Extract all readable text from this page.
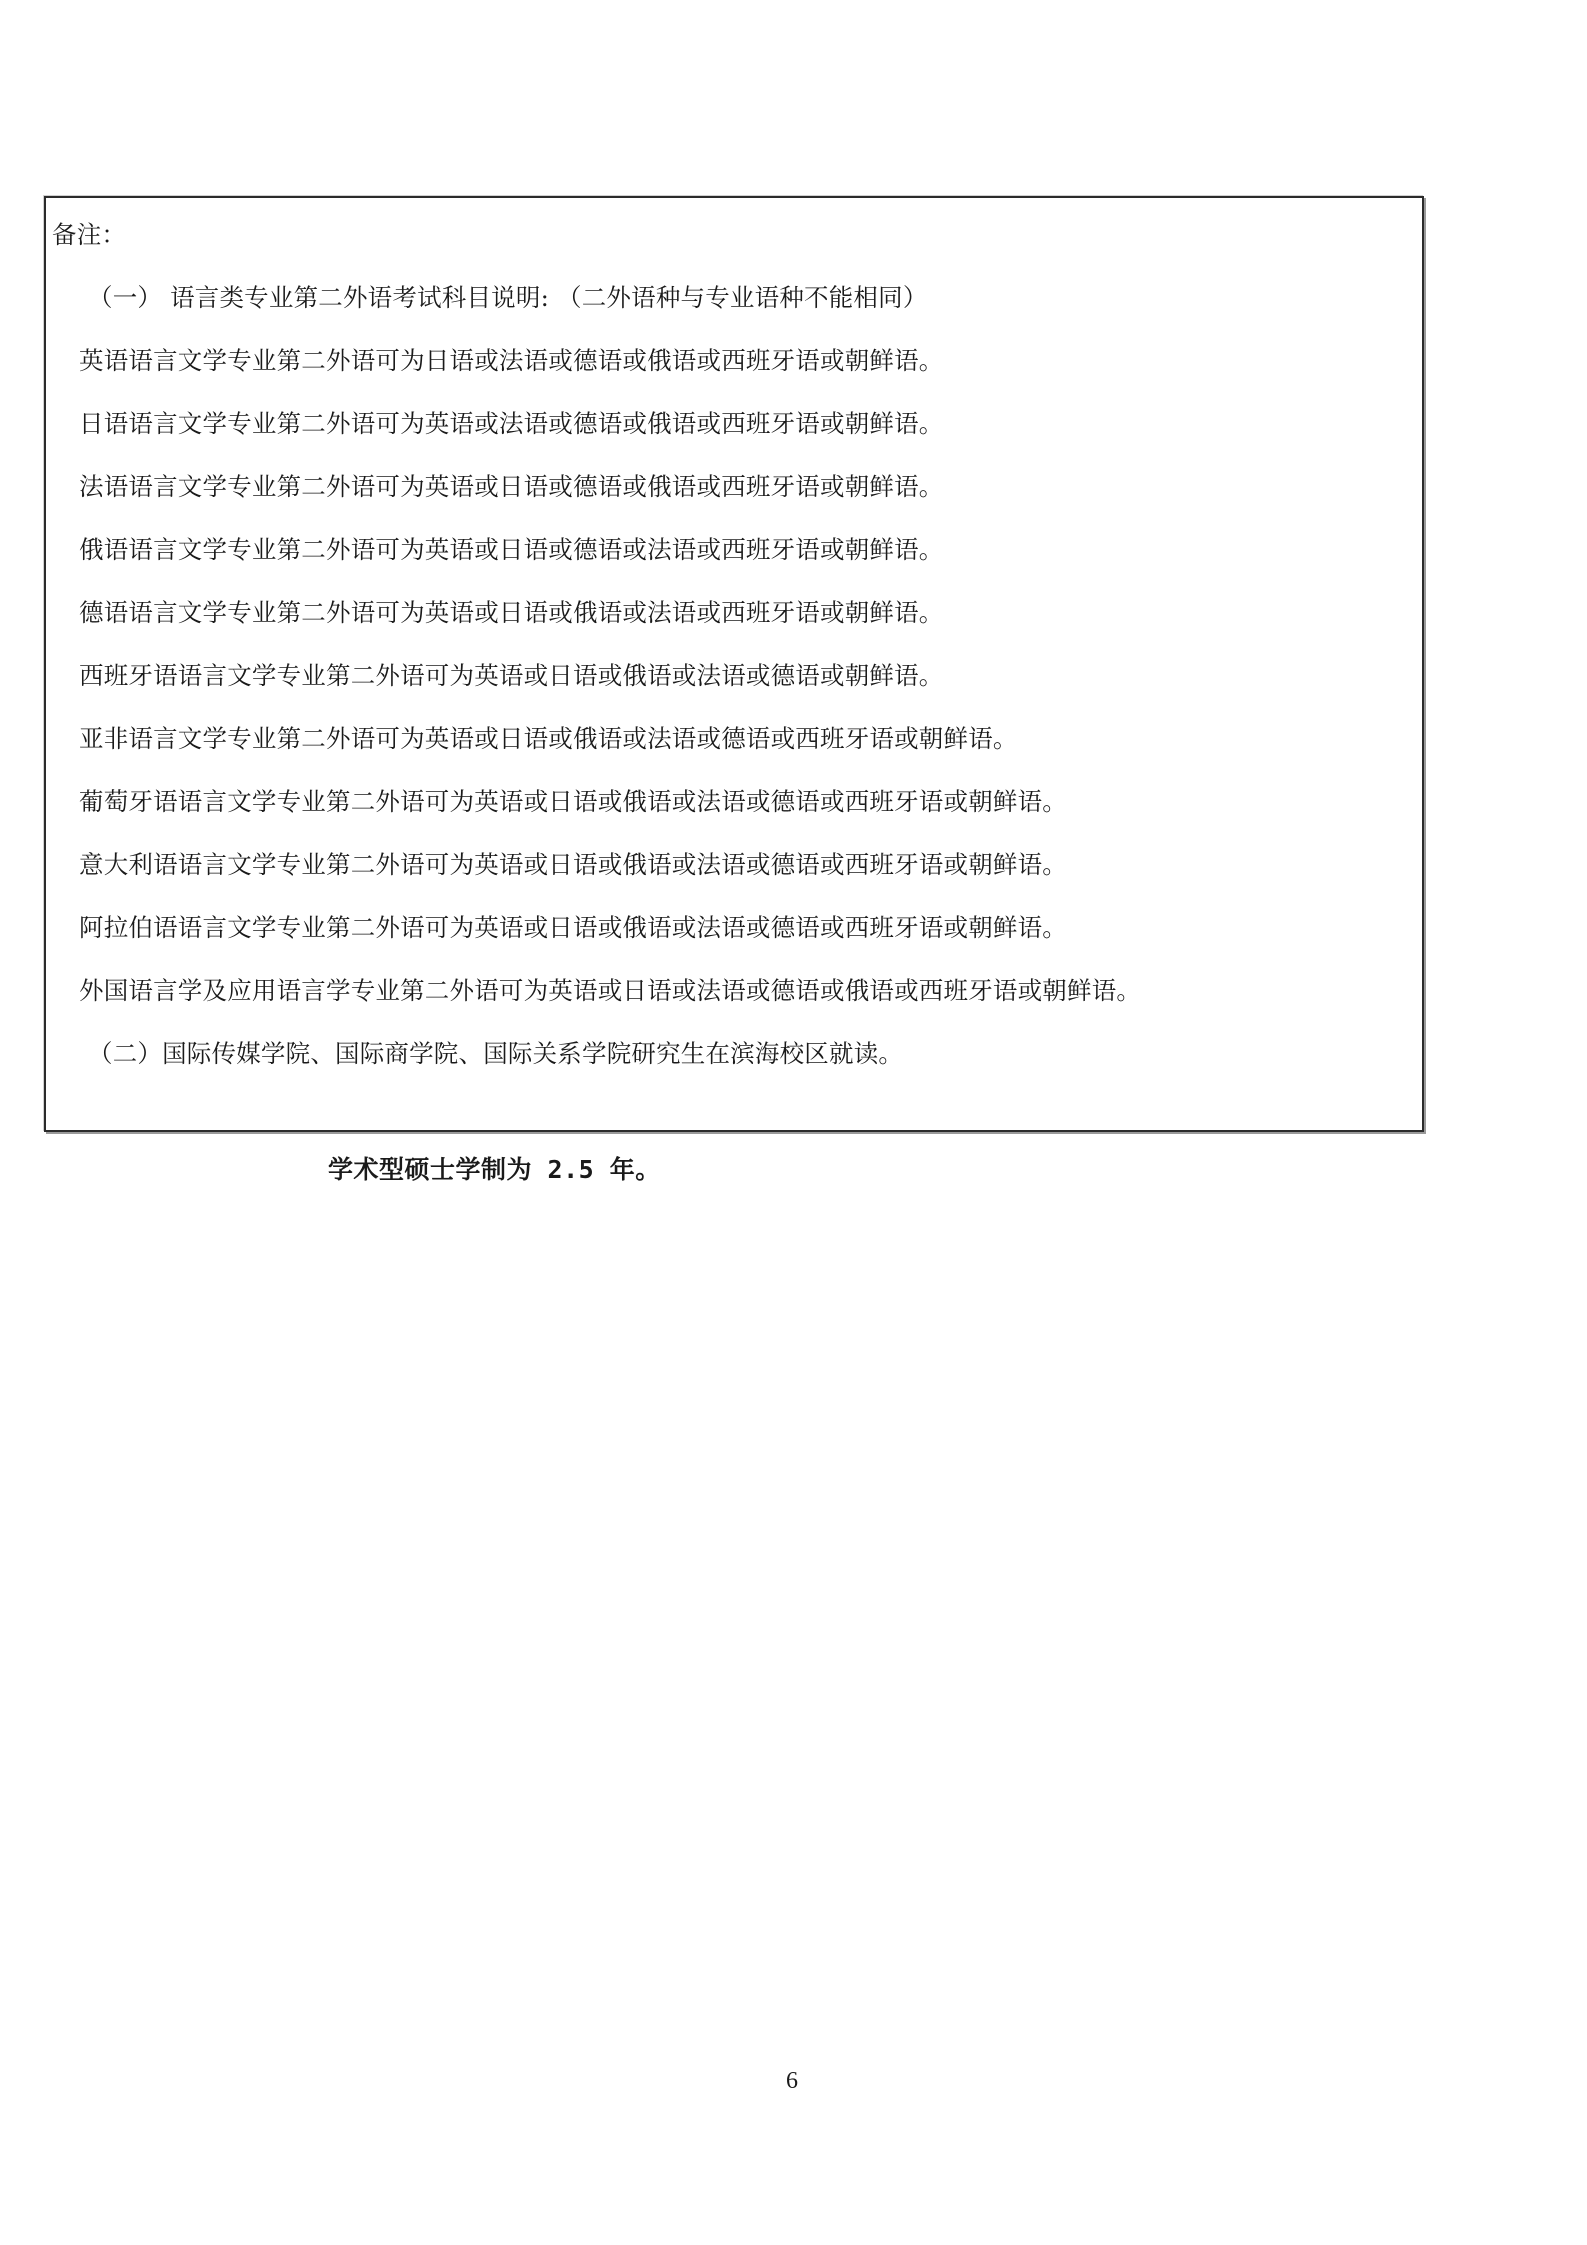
备注：
（一） 语言类专业第二外语考试科目说明: （二外语种与专业语种不能相同）
英语语言文学专业第二外语可为日语或法语或德语或俄语或西班牙语或朝鲜语。
日语语言文学专业第二外语可为英语或法语或德语或俄语或西班牙语或朝鲜语。
法语语言文学专业第二外语可为英语或日语或德语或俄语或西班牙语或朝鲜语。
俄语语言文学专业第二外语可为英语或日语或德语或法语或西班牙语或朝鲜语。
德语语言文学专业第二外语可为英语或日语或俄语或法语或西班牙语或朝鲜语。
西班牙语语言文学专业第二外语可为英语或日语或俄语或法语或德语或朝鲜语。
亚非语言文学专业第二外语可为英语或日语或俄语或法语或德语或西班牙语或朝鲜语。
葡萄牙语语言文学专业第二外语可为英语或日语或俄语或法语或德语或西班牙语或朝鲜语。
意大利语语言文学专业第二外语可为英语或日语或俄语或法语或德语或西班牙语或朝鲜语。
阿拉伯语语言文学专业第二外语可为英语或日语或俄语或法语或德语或西班牙语或朝鲜语。
外国语言学及应用语言学专业第二外语可为英语或日语或法语或德语或俄语或西班牙语或朝鲜语。
（二）国际传媒学院、国际商学院、国际关系学院研究生在滨海校区就读。
学术型硕士学制为 2.5 年。
6
